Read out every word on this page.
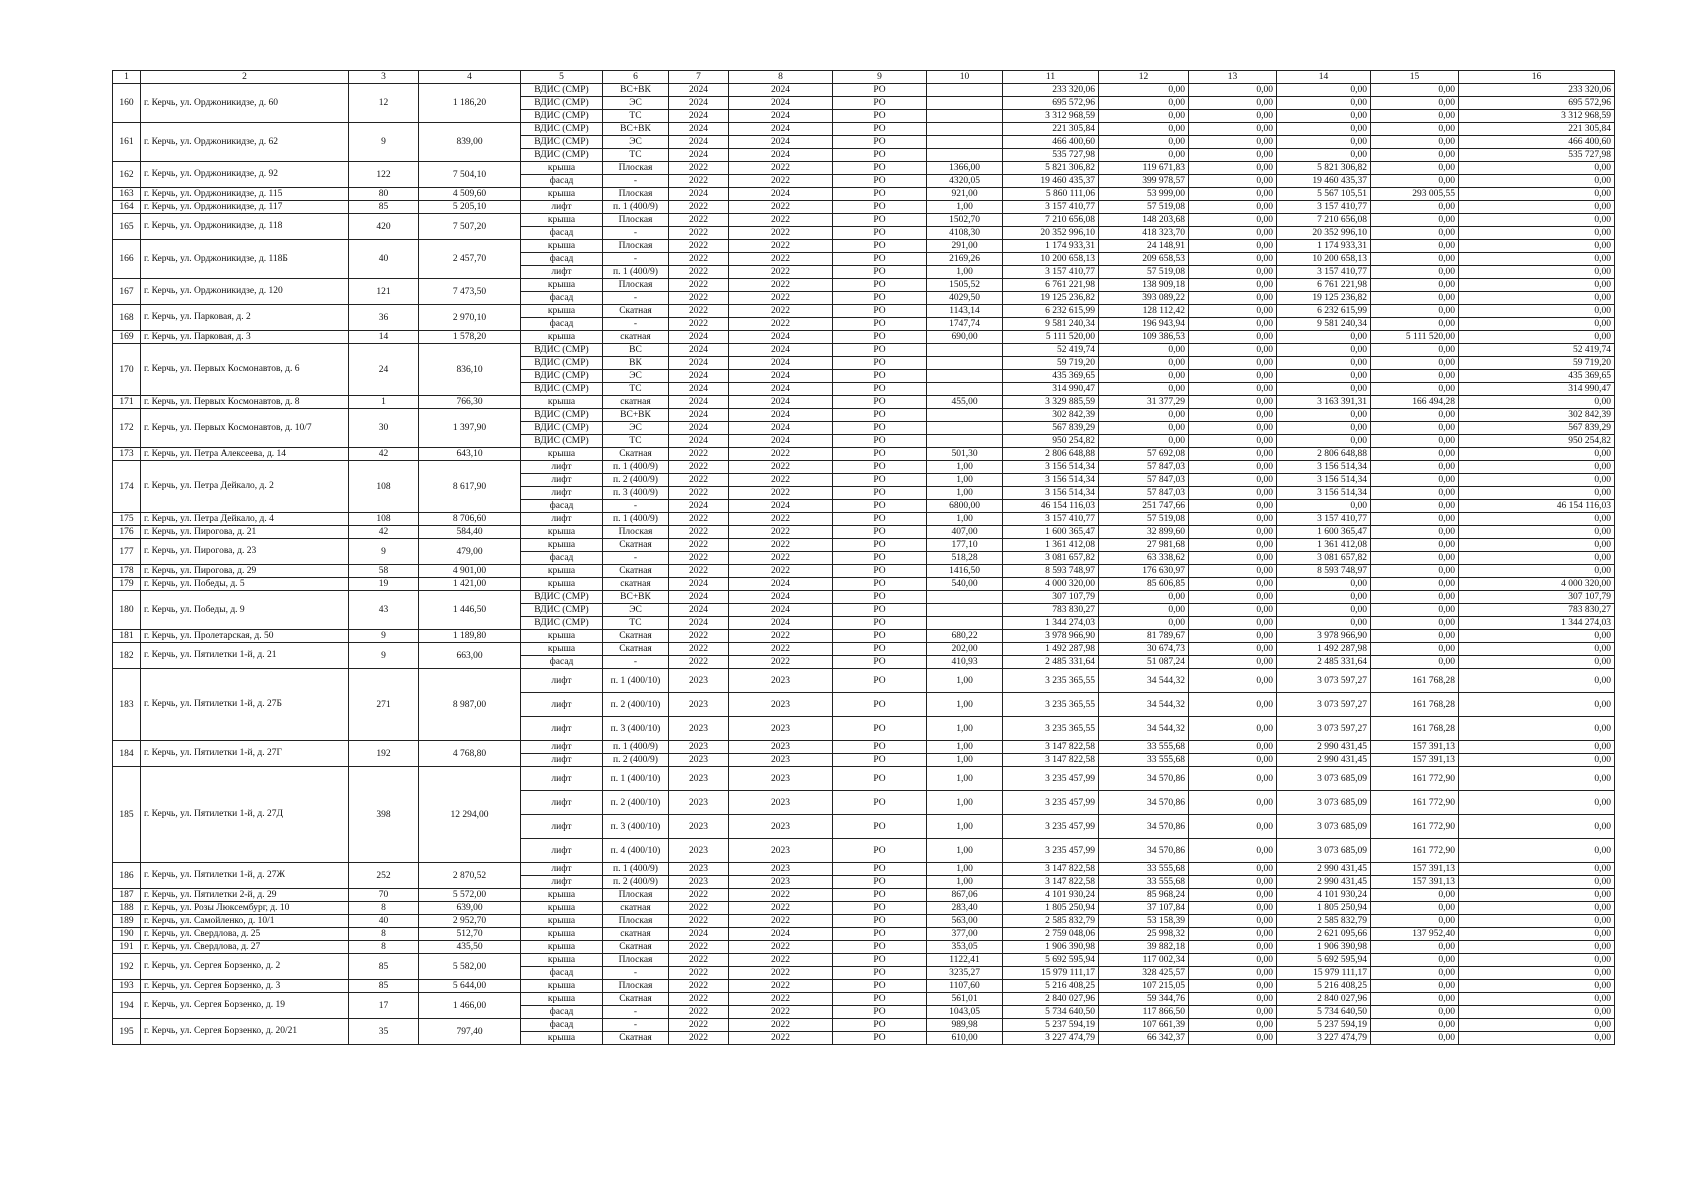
1	2	3	4	5	6	7	8	9	10	11	12	13	14	15	16
160	г. Керчь, ул. Орджоникидзе, д. 60	12	1 186,20	ВДИС (СМР)	ВС+ВК	2024	2024	РО		233 320,06	0,00	0,00	0,00	0,00	233 320,06
				ВДИС (СМР)	ЭС	2024	2024	РО		695 572,96	0,00	0,00	0,00	0,00	695 572,96
				ВДИС (СМР)	ТС	2024	2024	РО		3 312 968,59	0,00	0,00	0,00	0,00	3 312 968,59
161	г. Керчь, ул. Орджоникидзе, д. 62	9	839,00	ВДИС (СМР)	ВС+ВК	2024	2024	РО		221 305,84	0,00	0,00	0,00	0,00	221 305,84
				ВДИС (СМР)	ЭС	2024	2024	РО		466 400,60	0,00	0,00	0,00	0,00	466 400,60
				ВДИС (СМР)	ТС	2024	2024	РО		535 727,98	0,00	0,00	0,00	0,00	535 727,98
162	г. Керчь, ул. Орджоникидзе, д. 92	122	7 504,10	крыша	Плоская	2022	2022	РО	1366,00	5 821 306,82	119 671,83	0,00	5 821 306,82	0,00	0,00
				фасад	-	2022	2022	РО	4320,05	19 460 435,37	399 978,57	0,00	19 460 435,37	0,00	0,00
163	г. Керчь, ул. Орджоникидзе, д. 115	80	4 509,60	крыша	Плоская	2024	2024	РО	921,00	5 860 111,06	53 999,00	0,00	5 567 105,51	293 005,55	0,00
164	г. Керчь, ул. Орджоникидзе, д. 117	85	5 205,10	лифт	п. 1 (400/9)	2022	2022	РО	1,00	3 157 410,77	57 519,08	0,00	3 157 410,77	0,00	0,00
165	г. Керчь, ул. Орджоникидзе, д. 118	420	7 507,20	крыша	Плоская	2022	2022	РО	1502,70	7 210 656,08	148 203,68	0,00	7 210 656,08	0,00	0,00
				фасад	-	2022	2022	РО	4108,30	20 352 996,10	418 323,70	0,00	20 352 996,10	0,00	0,00
166	г. Керчь, ул. Орджоникидзе, д. 118Б	40	2 457,70	крыша	Плоская	2022	2022	РО	291,00	1 174 933,31	24 148,91	0,00	1 174 933,31	0,00	0,00
				фасад	-	2022	2022	РО	2169,26	10 200 658,13	209 658,53	0,00	10 200 658,13	0,00	0,00
				лифт	п. 1 (400/9)	2022	2022	РО	1,00	3 157 410,77	57 519,08	0,00	3 157 410,77	0,00	0,00
167	г. Керчь, ул. Орджоникидзе, д. 120	121	7 473,50	крыша	Плоская	2022	2022	РО	1505,52	6 761 221,98	138 909,18	0,00	6 761 221,98	0,00	0,00
				фасад	-	2022	2022	РО	4029,50	19 125 236,82	393 089,22	0,00	19 125 236,82	0,00	0,00
168	г. Керчь, ул. Парковая, д. 2	36	2 970,10	крыша	Скатная	2022	2022	РО	1143,14	6 232 615,99	128 112,42	0,00	6 232 615,99	0,00	0,00
				фасад	-	2022	2022	РО	1747,74	9 581 240,34	196 943,94	0,00	9 581 240,34	0,00	0,00
169	г. Керчь, ул. Парковая, д. 3	14	1 578,20	крыша	скатная	2024	2024	РО	690,00	5 111 520,00	109 386,53	0,00	0,00	5 111 520,00	0,00
170	г. Керчь, ул. Первых Космонавтов, д. 6	24	836,10	ВДИС (СМР)	ВС	2024	2024	РО		52 419,74	0,00	0,00	0,00	0,00	52 419,74
				ВДИС (СМР)	ВК	2024	2024	РО		59 719,20	0,00	0,00	0,00	0,00	59 719,20
				ВДИС (СМР)	ЭС	2024	2024	РО		435 369,65	0,00	0,00	0,00	0,00	435 369,65
				ВДИС (СМР)	ТС	2024	2024	РО		314 990,47	0,00	0,00	0,00	0,00	314 990,47
171	г. Керчь, ул. Первых Космонавтов, д. 8	1	766,30	крыша	скатная	2024	2024	РО	455,00	3 329 885,59	31 377,29	0,00	3 163 391,31	166 494,28	0,00
172	г. Керчь, ул. Первых Космонавтов, д. 10/7	30	1 397,90	ВДИС (СМР)	ВС+ВК	2024	2024	РО		302 842,39	0,00	0,00	0,00	0,00	302 842,39
				ВДИС (СМР)	ЭС	2024	2024	РО		567 839,29	0,00	0,00	0,00	0,00	567 839,29
				ВДИС (СМР)	ТС	2024	2024	РО		950 254,82	0,00	0,00	0,00	0,00	950 254,82
173	г. Керчь, ул. Петра Алексеева, д. 14	42	643,10	крыша	Скатная	2022	2022	РО	501,30	2 806 648,88	57 692,08	0,00	2 806 648,88	0,00	0,00
174	г. Керчь, ул. Петра Дейкало, д. 2	108	8 617,90	лифт	п. 1 (400/9)	2022	2022	РО	1,00	3 156 514,34	57 847,03	0,00	3 156 514,34	0,00	0,00
				лифт	п. 2 (400/9)	2022	2022	РО	1,00	3 156 514,34	57 847,03	0,00	3 156 514,34	0,00	0,00
				лифт	п. 3 (400/9)	2022	2022	РО	1,00	3 156 514,34	57 847,03	0,00	3 156 514,34	0,00	0,00
				фасад	-	2024	2024	РО	6800,00	46 154 116,03	251 747,66	0,00	0,00	0,00	46 154 116,03
175	г. Керчь, ул. Петра Дейкало, д. 4	108	8 706,60	лифт	п. 1 (400/9)	2022	2022	РО	1,00	3 157 410,77	57 519,08	0,00	3 157 410,77	0,00	0,00
176	г. Керчь, ул. Пирогова, д. 21	42	584,40	крыша	Плоская	2022	2022	РО	407,00	1 600 365,47	32 899,60	0,00	1 600 365,47	0,00	0,00
177	г. Керчь, ул. Пирогова, д. 23	9	479,00	крыша	Скатная	2022	2022	РО	177,10	1 361 412,08	27 981,68	0,00	1 361 412,08	0,00	0,00
				фасад	-	2022	2022	РО	518,28	3 081 657,82	63 338,62	0,00	3 081 657,82	0,00	0,00
178	г. Керчь, ул. Пирогова, д. 29	58	4 901,00	крыша	Скатная	2022	2022	РО	1416,50	8 593 748,97	176 630,97	0,00	8 593 748,97	0,00	0,00
179	г. Керчь, ул. Победы, д. 5	19	1 421,00	крыша	скатная	2024	2024	РО	540,00	4 000 320,00	85 606,85	0,00	0,00	0,00	4 000 320,00
180	г. Керчь, ул. Победы, д. 9	43	1 446,50	ВДИС (СМР)	ВС+ВК	2024	2024	РО		307 107,79	0,00	0,00	0,00	0,00	307 107,79
				ВДИС (СМР)	ЭС	2024	2024	РО		783 830,27	0,00	0,00	0,00	0,00	783 830,27
				ВДИС (СМР)	ТС	2024	2024	РО		1 344 274,03	0,00	0,00	0,00	0,00	1 344 274,03
181	г. Керчь, ул. Пролетарская, д. 50	9	1 189,80	крыша	Скатная	2022	2022	РО	680,22	3 978 966,90	81 789,67	0,00	3 978 966,90	0,00	0,00
182	г. Керчь, ул. Пятилетки 1-й, д. 21	9	663,00	крыша	Скатная	2022	2022	РО	202,00	1 492 287,98	30 674,73	0,00	1 492 287,98	0,00	0,00
				фасад	-	2022	2022	РО	410,93	2 485 331,64	51 087,24	0,00	2 485 331,64	0,00	0,00
183	г. Керчь, ул. Пятилетки 1-й, д. 27Б	271	8 987,00	лифт	п. 1 (400/10)	2023	2023	РО	1,00	3 235 365,55	34 544,32	0,00	3 073 597,27	161 768,28	0,00
				лифт	п. 2 (400/10)	2023	2023	РО	1,00	3 235 365,55	34 544,32	0,00	3 073 597,27	161 768,28	0,00
				лифт	п. 3 (400/10)	2023	2023	РО	1,00	3 235 365,55	34 544,32	0,00	3 073 597,27	161 768,28	0,00
184	г. Керчь, ул. Пятилетки 1-й, д. 27Г	192	4 768,80	лифт	п. 1 (400/9)	2023	2023	РО	1,00	3 147 822,58	33 555,68	0,00	2 990 431,45	157 391,13	0,00
				лифт	п. 2 (400/9)	2023	2023	РО	1,00	3 147 822,58	33 555,68	0,00	2 990 431,45	157 391,13	0,00
185	г. Керчь, ул. Пятилетки 1-й, д. 27Д	398	12 294,00	лифт	п. 1 (400/10)	2023	2023	РО	1,00	3 235 457,99	34 570,86	0,00	3 073 685,09	161 772,90	0,00
				лифт	п. 2 (400/10)	2023	2023	РО	1,00	3 235 457,99	34 570,86	0,00	3 073 685,09	161 772,90	0,00
				лифт	п. 3 (400/10)	2023	2023	РО	1,00	3 235 457,99	34 570,86	0,00	3 073 685,09	161 772,90	0,00
				лифт	п. 4 (400/10)	2023	2023	РО	1,00	3 235 457,99	34 570,86	0,00	3 073 685,09	161 772,90	0,00
186	г. Керчь, ул. Пятилетки 1-й, д. 27Ж	252	2 870,52	лифт	п. 1 (400/9)	2023	2023	РО	1,00	3 147 822,58	33 555,68	0,00	2 990 431,45	157 391,13	0,00
				лифт	п. 2 (400/9)	2023	2023	РО	1,00	3 147 822,58	33 555,68	0,00	2 990 431,45	157 391,13	0,00
187	г. Керчь, ул. Пятилетки 2-й, д. 29	70	5 572,00	крыша	Плоская	2022	2022	РО	867,06	4 101 930,24	85 968,24	0,00	4 101 930,24	0,00	0,00
188	г. Керчь, ул. Розы Люксембург, д. 10	8	639,00	крыша	скатная	2022	2022	РО	283,40	1 805 250,94	37 107,84	0,00	1 805 250,94	0,00	0,00
189	г. Керчь, ул. Самойленко, д. 10/1	40	2 952,70	крыша	Плоская	2022	2022	РО	563,00	2 585 832,79	53 158,39	0,00	2 585 832,79	0,00	0,00
190	г. Керчь, ул. Свердлова, д. 25	8	512,70	крыша	скатная	2024	2024	РО	377,00	2 759 048,06	25 998,32	0,00	2 621 095,66	137 952,40	0,00
191	г. Керчь, ул. Свердлова, д. 27	8	435,50	крыша	Скатная	2022	2022	РО	353,05	1 906 390,98	39 882,18	0,00	1 906 390,98	0,00	0,00
192	г. Керчь, ул. Сергея Борзенко, д. 2	85	5 582,00	крыша	Плоская	2022	2022	РО	1122,41	5 692 595,94	117 002,34	0,00	5 692 595,94	0,00	0,00
				фасад	-	2022	2022	РО	3235,27	15 979 111,17	328 425,57	0,00	15 979 111,17	0,00	0,00
193	г. Керчь, ул. Сергея Борзенко, д. 3	85	5 644,00	крыша	Плоская	2022	2022	РО	1107,60	5 216 408,25	107 215,05	0,00	5 216 408,25	0,00	0,00
194	г. Керчь, ул. Сергея Борзенко, д. 19	17	1 466,00	крыша	Скатная	2022	2022	РО	561,01	2 840 027,96	59 344,76	0,00	2 840 027,96	0,00	0,00
				фасад	-	2022	2022	РО	1043,05	5 734 640,50	117 866,50	0,00	5 734 640,50	0,00	0,00
195	г. Керчь, ул. Сергея Борзенко, д. 20/21	35	797,40	фасад	-	2022	2022	РО	989,98	5 237 594,19	107 661,39	0,00	5 237 594,19	0,00	0,00
				крыша	Скатная	2022	2022	РО	610,00	3 227 474,79	66 342,37	0,00	3 227 474,79	0,00	0,00
